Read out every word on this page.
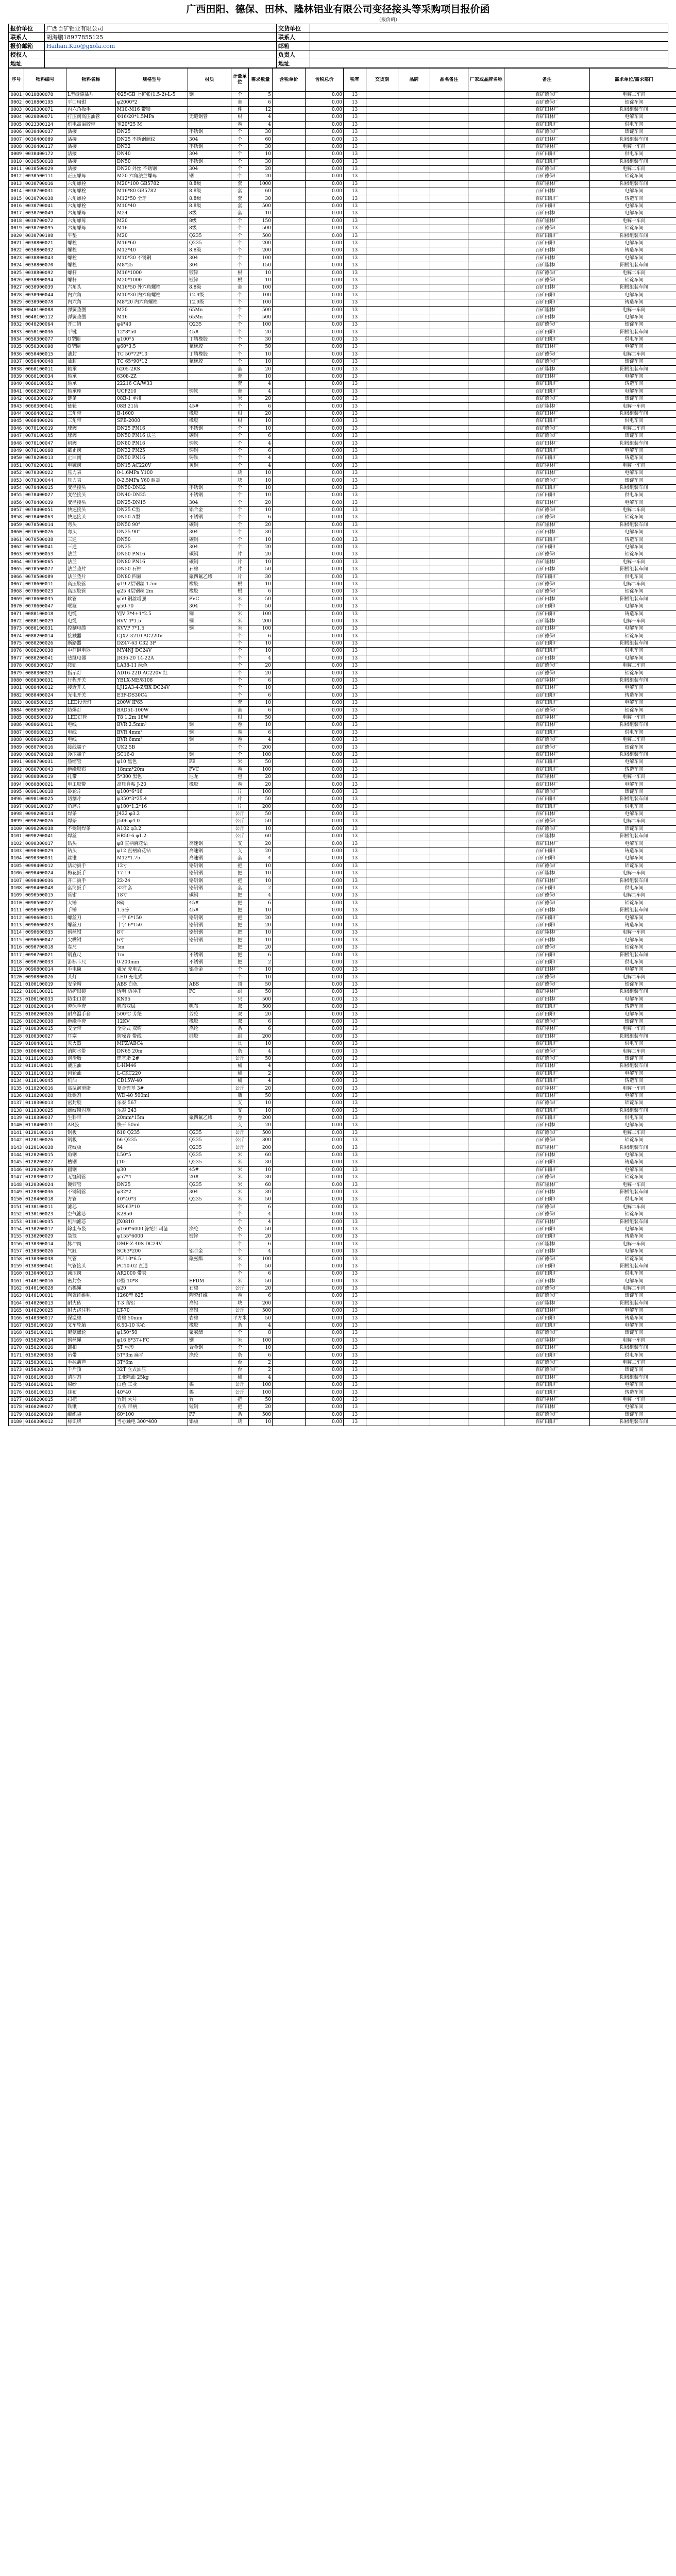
广西田阳、德保、田林、隆林铝业有限公司变径接头等采购项目报价函
（报价函）
报价单位	广西百矿铝业有限公司	交货单位	
联系人	胡海鹏18977855125	联系人	
报价邮箱	Haihan.Kuo@gxola.com	邮箱	
授权人		负责人	
地址		地址	
序号	物料编号	物料名称	规格型号	材质	计量单位	需求数量	含税单价	含税总价	税率	交货期	品牌	品名备注	厂家或品牌名称	备注	需求单位/需求部门
0001	0010800078	L型缝隙插片	Φ25/GB 上扩张(1.5-2)-L-5	钢	个	5		0.00	13					百矿德保厂	电解二车间
0002	0010800195	平口扁钳	φ2000*2		套	6		0.00	13					百矿德保厂	铝锭车间
0003	0020300071	内六角扳手	M10-M16 带锁		件	12		0.00	13					百矿田林厂	阳极组装车间
0004	0020800071	打压阀高压油管	Φ16/20*1.5MPa	无缝钢管	根	4		0.00	13					百矿田林厂	电解车间
0005	0023300124	机电高温胶带	宽20*25 M		卷	4		0.00	13					百矿田阳厂	供电车间
0006	0030400037	活接	DN25	不锈钢	个	30		0.00	13					百矿德保厂	铝锭车间
0007	0030400089	活接	DN25 不锈钢螺纹	304	个	60		0.00	13					百矿田林厂	阳极组装车间
0008	0030400117	活接	DN32	不锈钢	个	30		0.00	13					百矿隆林厂	电解一车间
0009	0030400172	活接	DN40	304	个	10		0.00	13					百矿田阳厂	供电车间
0010	0030500018	活接	DN50	不锈钢	个	30		0.00	13					百矿田阳厂	阳极组装车间
0011	0030500029	活接	DN20 外丝 不锈钢	304	个	20		0.00	13					百矿德保厂	电解二车间
0012	0030500111	正压螺母	M20 六角法兰螺母	钢	个	20		0.00	13					百矿德保厂	铝锭车间
0013	0030700016	六角螺栓	M20*100 GB5782	8.8级	套	1000		0.00	13					百矿隆林厂	阳极组装车间
0014	0030700031	六角螺栓	M16*80 GB5782	8.8级	套	60		0.00	13					百矿田林厂	电解车间
0015	0030700038	六角螺栓	M12*50 全牙	8.8级	套	30		0.00	13					百矿田阳厂	铸造车间
0016	0030700041	六角螺栓	M10*40	8.8级	套	500		0.00	13					百矿田阳厂	电解车间
0017	0030700049	六角螺母	M24	8级	套	10		0.00	13					百矿田林厂	电解车间
0018	0030700072	六角螺母	M20	8级	个	150		0.00	13					百矿隆林厂	电解一车间
0019	0030700095	六角螺母	M16	8级	个	500		0.00	13					百矿德保厂	铝锭车间
0020	0030700108	平垫	M20	Q235	个	500		0.00	13					百矿田阳厂	阳极组装车间
0021	0030800021	螺栓	M16*60	Q235	个	200		0.00	13					百矿田阳厂	电解车间
0022	0030800032	螺栓	M12*40	8.8级	个	200		0.00	13					百矿田林厂	铸造车间
0023	0030800043	螺栓	M10*30 不锈钢	304	个	100		0.00	13					百矿田林厂	电解车间
0024	0030800070	螺栓	M8*25	304	个	150		0.00	13					百矿隆林厂	阳极组装车间
0025	0030800092	螺杆	M16*1000	镀锌	根	10		0.00	13					百矿德保厂	电解二车间
0026	0030800094	螺杆	M20*1000	镀锌	根	10		0.00	13					百矿德保厂	铝锭车间
0027	0030900039	六角头	M16*50 外六角螺栓	8.8级	套	100		0.00	13					百矿田林厂	阳极组装车间
0028	0030900044	内六角	M10*30 内六角螺栓	12.9级	个	100		0.00	13					百矿田阳厂	电解车间
0029	0030900078	内六角	M8*20 内六角螺栓	12.9级	个	100		0.00	13					百矿田阳厂	铸造车间
0030	0040100088	弹簧垫圈	M20	65Mn	个	500		0.00	13					百矿隆林厂	电解一车间
0031	0040100112	弹簧垫圈	M16	65Mn	个	500		0.00	13					百矿田林厂	电解车间
0032	0040200064	开口销	φ4*40	Q235	个	100		0.00	13					百矿德保厂	铝锭车间
0033	0050100036	平键	12*8*50	45#	个	20		0.00	13					百矿田阳厂	阳极组装车间
0034	0050300077	O型圈	φ100*5	丁腈橡胶	个	30		0.00	13					百矿田阳厂	供电车间
0035	0050300098	O型圈	φ60*3.5	氟橡胶	个	50		0.00	13					百矿田林厂	电解车间
0036	0050400015	油封	TC 50*72*10	丁腈橡胶	个	10		0.00	13					百矿德保厂	电解二车间
0037	0050400048	油封	TC 65*90*12	氟橡胶	个	10		0.00	13					百矿德保厂	铝锭车间
0038	0060100011	轴承	6205-2RS		套	20		0.00	13					百矿隆林厂	阳极组装车间
0039	0060100034	轴承	6308-2Z		套	10		0.00	13					百矿田林厂	电解车间
0040	0060100052	轴承	22216 CA/W33		套	4		0.00	13					百矿田阳厂	铸造车间
0041	0060200017	轴承座	UCP210	铸铁	套	4		0.00	13					百矿田阳厂	电解车间
0042	0060300029	链条	08B-1 单排		米	20		0.00	13					百矿德保厂	铝锭车间
0043	0060300041	链轮	08B 21齿	45#	个	6		0.00	13					百矿隆林厂	电解一车间
0044	0060400012	三角带	B-1600	橡胶	根	20		0.00	13					百矿田林厂	阳极组装车间
0045	0060400026	三角带	SPB-2000	橡胶	根	10		0.00	13					百矿田阳厂	供电车间
0046	0070100019	球阀	DN25 PN16	不锈钢	个	10		0.00	13					百矿德保厂	电解二车间
0047	0070100035	球阀	DN50 PN16 法兰	碳钢	个	6		0.00	13					百矿德保厂	铝锭车间
0048	0070100047	闸阀	DN80 PN16	铸铁	个	4		0.00	13					百矿田林厂	阳极组装车间
0049	0070100068	截止阀	DN32 PN25	铸钢	个	6		0.00	13					百矿田阳厂	电解车间
0050	0070200013	止回阀	DN50 PN16	铸铁	个	4		0.00	13					百矿田阳厂	铸造车间
0051	0070200031	电磁阀	DN15 AC220V	黄铜	个	4		0.00	13					百矿隆林厂	电解一车间
0052	0070300022	压力表	0-1.6MPa Y100		块	10		0.00	13					百矿田林厂	电解车间
0053	0070300044	压力表	0-2.5MPa Y60 耐震		块	10		0.00	13					百矿德保厂	铝锭车间
0054	0070400015	变径接头	DN50-DN32	不锈钢	个	10		0.00	13					百矿田阳厂	阳极组装车间
0055	0070400027	变径接头	DN40-DN25	不锈钢	个	10		0.00	13					百矿田阳厂	供电车间
0056	0070400039	变径接头	DN25-DN15	304	个	20		0.00	13					百矿田林厂	电解车间
0057	0070400051	快速接头	DN25 C型	铝合金	个	10		0.00	13					百矿德保厂	电解二车间
0058	0070400063	快速接头	DN50 A型	不锈钢	个	6		0.00	13					百矿德保厂	铝锭车间
0059	0070500014	弯头	DN50 90°	碳钢	个	20		0.00	13					百矿隆林厂	阳极组装车间
0060	0070500026	弯头	DN25 90°	304	个	30		0.00	13					百矿田林厂	电解车间
0061	0070500038	三通	DN50	碳钢	个	10		0.00	13					百矿田阳厂	铸造车间
0062	0070500041	三通	DN25	304	个	20		0.00	13					百矿田阳厂	电解车间
0063	0070500053	法兰	DN50 PN16	碳钢	片	20		0.00	13					百矿德保厂	铝锭车间
0064	0070500065	法兰	DN80 PN16	碳钢	片	10		0.00	13					百矿隆林厂	电解一车间
0065	0070500077	法兰垫片	DN50 石棉	石棉	片	50		0.00	13					百矿田林厂	阳极组装车间
0066	0070500089	法兰垫片	DN80 四氟	聚四氟乙烯	片	30		0.00	13					百矿田阳厂	供电车间
0067	0070600011	高压胶管	φ19 2层钢丝 1.5m	橡胶	根	10		0.00	13					百矿德保厂	电解二车间
0068	0070600023	高压胶管	φ25 4层钢丝 2m	橡胶	根	6		0.00	13					百矿德保厂	铝锭车间
0069	0070600035	软管	φ50 钢丝增强	PVC	米	50		0.00	13					百矿田林厂	阳极组装车间
0070	0070600047	喉箍	φ50-70	304	个	50		0.00	13					百矿田阳厂	电解车间
0071	0080100018	电缆	YJV 3*4+1*2.5	铜	米	100		0.00	13					百矿田阳厂	铸造车间
0072	0080100029	电缆	RVV 4*1.5	铜	米	200		0.00	13					百矿隆林厂	电解一车间
0073	0080100031	控制电缆	KVVP 7*1.5	铜	米	100		0.00	13					百矿田林厂	电解车间
0074	0080200014	接触器	CJX2-3210 AC220V		个	6		0.00	13					百矿德保厂	铝锭车间
0075	0080200026	断路器	DZ47-63 C32 3P		个	10		0.00	13					百矿田阳厂	阳极组装车间
0076	0080200038	中间继电器	MY4NJ DC24V		个	10		0.00	13					百矿田阳厂	供电车间
0077	0080200041	热继电器	JR36-20 14-22A		个	4		0.00	13					百矿田林厂	电解车间
0078	0080300017	按钮	LA38-11 绿色		个	20		0.00	13					百矿德保厂	电解二车间
0079	0080300029	指示灯	AD16-22D AC220V 红		个	20		0.00	13					百矿德保厂	铝锭车间
0080	0080300031	行程开关	YBLX-ME/8108		个	6		0.00	13					百矿隆林厂	阳极组装车间
0081	0080400012	接近开关	LJ12A3-4-Z/BX DC24V		个	10		0.00	13					百矿田林厂	电解车间
0082	0080400024	光电开关	E3F-DS30C4		个	6		0.00	13					百矿田阳厂	铸造车间
0083	0080500015	LED投光灯	200W IP65		套	10		0.00	13					百矿田阳厂	电解车间
0084	0080500027	防爆灯	BAD51-100W		套	6		0.00	13					百矿德保厂	铝锭车间
0085	0080500039	LED灯管	T8 1.2m 18W		根	50		0.00	13					百矿隆林厂	电解一车间
0086	0080600011	电线	BVR 2.5mm²	铜	卷	10		0.00	13					百矿田林厂	阳极组装车间
0087	0080600023	电线	BVR 4mm²	铜	卷	6		0.00	13					百矿田阳厂	供电车间
0088	0080600035	电线	BVR 6mm²	铜	卷	4		0.00	13					百矿德保厂	电解二车间
0089	0080700016	接线端子	UK2.5B		个	200		0.00	13					百矿德保厂	铝锭车间
0090	0080700028	冷压端子	SC16-8	铜	个	100		0.00	13					百矿田林厂	阳极组装车间
0091	0080700031	热缩管	φ10 黑色	PE	米	50		0.00	13					百矿田阳厂	电解车间
0092	0080700043	绝缘胶布	18mm*20m	PVC	卷	100		0.00	13					百矿田阳厂	铸造车间
0093	0080800019	扎带	5*300 黑色	尼龙	包	20		0.00	13					百矿隆林厂	电解一车间
0094	0080800021	电工胶带	高压自粘 J-20	橡胶	卷	20		0.00	13					百矿田林厂	电解车间
0095	0090100018	砂轮片	φ100*6*16		片	100		0.00	13					百矿德保厂	铝锭车间
0096	0090100025	切割片	φ350*3*25.4		片	50		0.00	13					百矿田阳厂	阳极组装车间
0097	0090100037	角磨片	φ100*1.2*16		片	200		0.00	13					百矿田阳厂	供电车间
0098	0090200014	焊条	J422 φ3.2		公斤	50		0.00	13					百矿田林厂	电解车间
0099	0090200026	焊条	J506 φ4.0		公斤	50		0.00	13					百矿德保厂	电解二车间
0100	0090200038	不锈钢焊条	A102 φ3.2		公斤	10		0.00	13					百矿德保厂	铝锭车间
0101	0090200041	焊丝	ER50-6 φ1.2		公斤	60		0.00	13					百矿隆林厂	阳极组装车间
0102	0090300017	钻头	φ8 直柄麻花钻	高速钢	支	20		0.00	13					百矿田林厂	电解车间
0103	0090300029	钻头	φ12 直柄麻花钻	高速钢	支	20		0.00	13					百矿田阳厂	铸造车间
0104	0090300031	丝锥	M12*1.75	高速钢	套	4		0.00	13					百矿田阳厂	电解车间
0105	0090400012	活动扳手	12寸	铬钒钢	把	10		0.00	13					百矿德保厂	铝锭车间
0106	0090400024	梅花扳手	17-19	铬钒钢	把	10		0.00	13					百矿隆林厂	电解一车间
0107	0090400036	开口扳手	22-24	铬钒钢	把	10		0.00	13					百矿田林厂	阳极组装车间
0108	0090400048	套筒扳手	32件套	铬钒钢	套	2		0.00	13					百矿田阳厂	供电车间
0109	0090500015	管钳	18寸	碳钢	把	4		0.00	13					百矿德保厂	电解二车间
0110	0090500027	大锤	8磅	45#	把	6		0.00	13					百矿德保厂	铝锭车间
0111	0090500039	手锤	1.5磅	45#	把	10		0.00	13					百矿田林厂	阳极组装车间
0112	0090600011	螺丝刀	一字 6*150	铬钒钢	把	20		0.00	13					百矿田阳厂	电解车间
0113	0090600023	螺丝刀	十字 6*150	铬钒钢	把	20		0.00	13					百矿田阳厂	铸造车间
0114	0090600035	钢丝钳	8寸	铬钒钢	把	10		0.00	13					百矿隆林厂	电解一车间
0115	0090600047	尖嘴钳	6寸	铬钒钢	把	10		0.00	13					百矿田林厂	电解车间
0116	0090700018	卷尺	5m		把	20		0.00	13					百矿德保厂	铝锭车间
0117	0090700021	钢直尺	1m	不锈钢	把	6		0.00	13					百矿田阳厂	阳极组装车间
0118	0090700033	游标卡尺	0-200mm	不锈钢	把	2		0.00	13					百矿田阳厂	供电车间
0119	0090800014	手电筒	强光 充电式	铝合金	个	10		0.00	13					百矿田林厂	电解车间
0120	0090800026	头灯	LED 充电式		个	10		0.00	13					百矿德保厂	电解二车间
0121	0100100019	安全帽	ABS 白色	ABS	顶	50		0.00	13					百矿德保厂	铝锭车间
0122	0100100021	防护眼镜	透明 防冲击	PC	副	50		0.00	13					百矿隆林厂	阳极组装车间
0123	0100100033	防尘口罩	KN95		只	500		0.00	13					百矿田林厂	电解车间
0124	0100200014	劳保手套	帆布双层	帆布	双	500		0.00	13					百矿田阳厂	铸造车间
0125	0100200026	耐高温手套	500℃ 芳纶	芳纶	双	20		0.00	13					百矿田阳厂	电解车间
0126	0100200038	绝缘手套	12KV	橡胶	双	6		0.00	13					百矿德保厂	铝锭车间
0127	0100300015	安全带	全身式 双钩	涤纶	条	6		0.00	13					百矿隆林厂	电解一车间
0128	0100300027	耳塞	防噪音 带线	硅胶	副	200		0.00	13					百矿田林厂	阳极组装车间
0129	0100400011	灭火器	MFZ/ABC4		具	10		0.00	13					百矿田阳厂	供电车间
0130	0100400023	消防水带	DN65 20m		条	4		0.00	13					百矿德保厂	电解二车间
0131	0110100018	润滑脂	锂基脂 2#		公斤	50		0.00	13					百矿德保厂	铝锭车间
0132	0110100021	液压油	L-HM46		桶	4		0.00	13					百矿田林厂	阳极组装车间
0133	0110100033	齿轮油	L-CKC220		桶	2		0.00	13					百矿田阳厂	电解车间
0134	0110100045	机油	CD15W-40		桶	4		0.00	13					百矿田阳厂	铸造车间
0135	0110200016	高温润滑脂	复合锂基 3#		公斤	20		0.00	13					百矿隆林厂	电解一车间
0136	0110200028	除锈剂	WD-40 500ml		瓶	50		0.00	13					百矿田林厂	电解车间
0137	0110300013	密封胶	乐泰 567		支	10		0.00	13					百矿德保厂	铝锭车间
0138	0110300025	螺纹锁固剂	乐泰 243		支	10		0.00	13					百矿田阳厂	阳极组装车间
0139	0110300037	生料带	20mm*15m	聚四氟乙烯	卷	200		0.00	13					百矿田阳厂	供电车间
0140	0110400011	AB胶	快干 50ml		支	20		0.00	13					百矿田林厂	电解车间
0141	0120100014	钢板	δ10 Q235	Q235	公斤	500		0.00	13					百矿德保厂	电解二车间
0142	0120100026	钢板	δ6 Q235	Q235	公斤	300		0.00	13					百矿德保厂	铝锭车间
0143	0120100038	花纹板	δ4	Q235	公斤	200		0.00	13					百矿隆林厂	阳极组装车间
0144	0120200015	角钢	L50*5	Q235	米	60		0.00	13					百矿田林厂	电解车间
0145	0120200027	槽钢	[10	Q235	米	30		0.00	13					百矿田阳厂	铸造车间
0146	0120200039	圆钢	φ30	45#	米	10		0.00	13					百矿田阳厂	电解车间
0147	0120300012	无缝钢管	φ57*4	20#	米	30		0.00	13					百矿德保厂	铝锭车间
0148	0120300024	镀锌管	DN25	Q235	米	60		0.00	13					百矿隆林厂	电解一车间
0149	0120300036	不锈钢管	φ32*2	304	米	30		0.00	13					百矿田林厂	阳极组装车间
0150	0120400018	方管	40*40*3	Q235	米	50		0.00	13					百矿田阳厂	供电车间
0151	0130100011	滤芯	HX-63*10		个	6		0.00	13					百矿德保厂	电解二车间
0152	0130100023	空气滤芯	K2850		个	4		0.00	13					百矿德保厂	铝锭车间
0153	0130100035	机油滤芯	JX0810		个	4		0.00	13					百矿田林厂	阳极组装车间
0154	0130200017	除尘布袋	φ160*6000 涤纶针刺毡	涤纶	条	50		0.00	13					百矿田阳厂	电解车间
0155	0130200029	袋笼	φ155*6000	镀锌	个	20		0.00	13					百矿田阳厂	铸造车间
0156	0130300014	脉冲阀	DMF-Z-40S DC24V		个	6		0.00	13					百矿隆林厂	电解一车间
0157	0130300026	气缸	SC63*200	铝合金	个	4		0.00	13					百矿田林厂	电解车间
0158	0130300038	气管	PU 10*6.5	聚氨酯	米	100		0.00	13					百矿德保厂	铝锭车间
0159	0130300041	气管接头	PC10-02 直通		个	50		0.00	13					百矿田阳厂	阳极组装车间
0160	0130400013	减压阀	AR2000 带表		个	6		0.00	13					百矿田阳厂	供电车间
0161	0140100016	密封条	D型 10*8	EPDM	米	50		0.00	13					百矿田林厂	电解车间
0162	0140100028	石棉绳	φ20	石棉	公斤	20		0.00	13					百矿德保厂	电解二车间
0163	0140100031	陶瓷纤维毡	1260型 δ25	陶瓷纤维	卷	6		0.00	13					百矿德保厂	铝锭车间
0164	0140200013	耐火砖	T-3 高铝	高铝	块	200		0.00	13					百矿隆林厂	阳极组装车间
0165	0140200025	耐火浇注料	LT-70	高铝	公斤	500		0.00	13					百矿田林厂	电解车间
0166	0140300017	保温棉	岩棉 50mm	岩棉	平方米	50		0.00	13					百矿田阳厂	铸造车间
0167	0150100019	叉车轮胎	6.50-10 实心	橡胶	条	4		0.00	13					百矿田阳厂	电解车间
0168	0150100021	聚氨酯轮	φ150*50	聚氨酯	个	8		0.00	13					百矿德保厂	铝锭车间
0169	0150200014	钢丝绳	φ16 6*37+FC	钢	米	100		0.00	13					百矿隆林厂	电解一车间
0170	0150200026	卸扣	5T 弓形	合金钢	个	10		0.00	13					百矿田林厂	阳极组装车间
0171	0150200038	吊带	5T*3m 扁平	涤纶	条	6		0.00	13					百矿田阳厂	供电车间
0172	0150300011	手拉葫芦	3T*6m		台	2		0.00	13					百矿德保厂	电解二车间
0173	0150300023	千斤顶	32T 立式油压		台	2		0.00	13					百矿德保厂	铝锭车间
0174	0160100018	清洁剂	工业除油 25kg		桶	4		0.00	13					百矿田林厂	阳极组装车间
0175	0160100021	棉纱	白色 工业	棉	公斤	100		0.00	13					百矿田阳厂	电解车间
0176	0160100033	抹布	40*40	棉	公斤	100		0.00	13					百矿田阳厂	铸造车间
0177	0160200015	扫把	竹制 大号	竹	把	50		0.00	13					百矿隆林厂	电解一车间
0178	0160200027	铁锹	方头 带柄	锰钢	把	20		0.00	13					百矿田林厂	电解车间
0179	0160200039	编织袋	60*100	PP	条	500		0.00	13					百矿德保厂	铝锭车间
0180	0160300012	标识牌	当心触电 300*400	铝板	块	10		0.00	13					百矿田阳厂	阳极组装车间
